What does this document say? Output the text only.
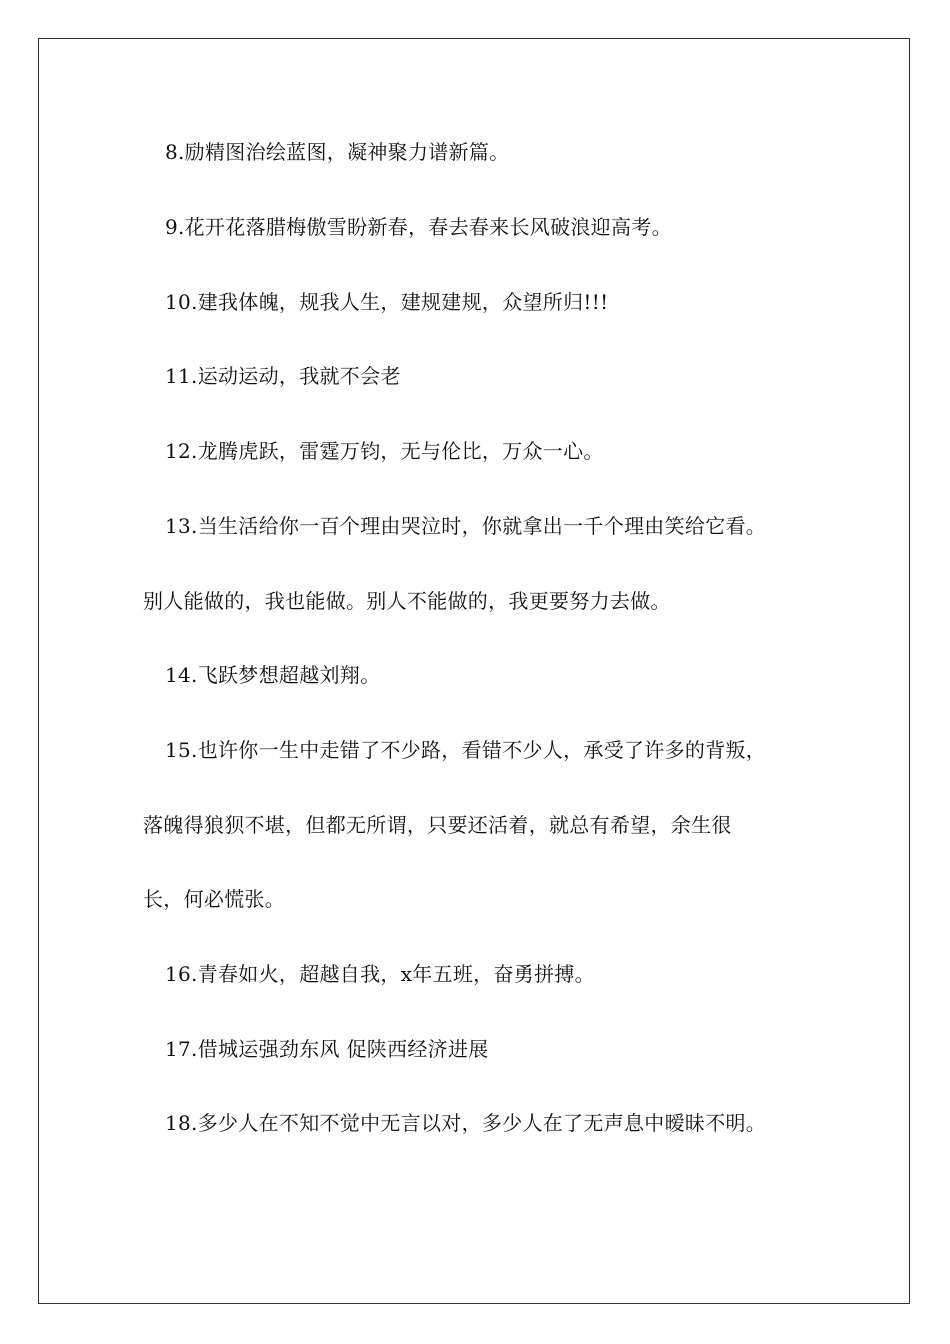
8.励精图治绘蓝图，凝神聚力谱新篇。
9.花开花落腊梅傲雪盼新春，春去春来长风破浪迎高考。
10.建我体魄，规我人生，建规建规，众望所归!!!
11.运动运动，我就不会老
12.龙腾虎跃，雷霆万钧，无与伦比，万众一心。
13.当生活给你一百个理由哭泣时，你就拿出一千个理由笑给它看。
别人能做的，我也能做。别人不能做的，我更要努力去做。
14.飞跃梦想超越刘翔。
15.也许你一生中走错了不少路，看错不少人，承受了许多的背叛，
落魄得狼狈不堪，但都无所谓，只要还活着，就总有希望，余生很
长，何必慌张。
16.青春如火，超越自我，x年五班，奋勇拼搏。
17.借城运强劲东风 促陕西经济进展
18.多少人在不知不觉中无言以对，多少人在了无声息中暧昧不明。
